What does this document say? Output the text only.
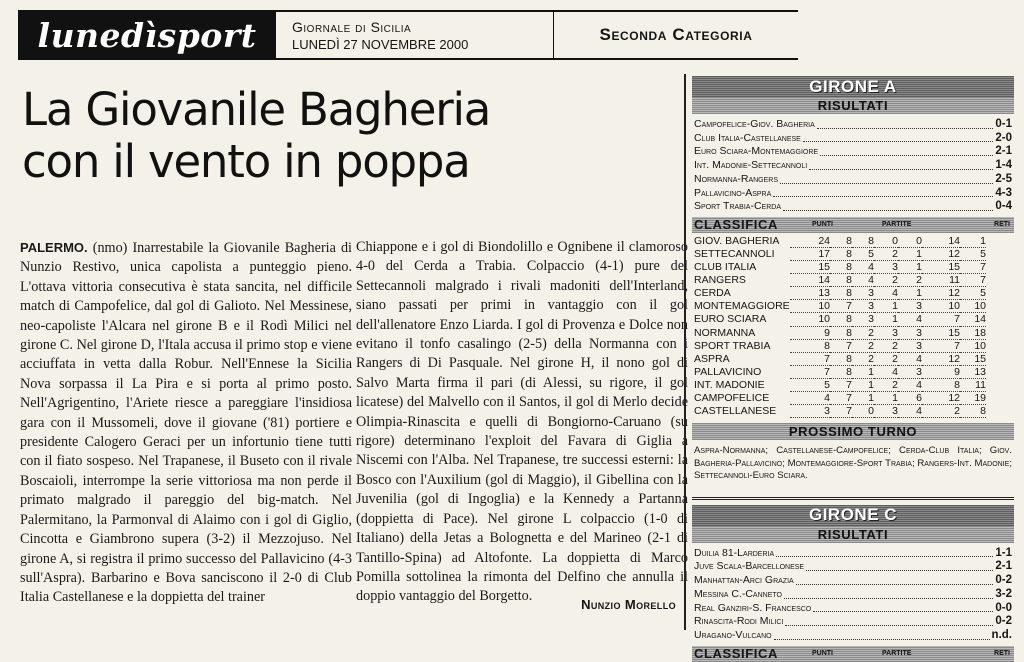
lunedìsport	Giornale di Sicilia
LUNEDÌ 27 NOVEMBRE 2000
Seconda Categoria
La Giovanile Bagheria
con il vento in poppa
PALERMO. (nmo) Inarrestabile la Giovanile Bagheria di Nunzio Restivo, unica capolista a punteggio pieno. L'ottava vittoria consecutiva è stata sancita, nel difficile match di Campofelice, dal gol di Galioto. Nel Messinese, neo-capoliste l'Alcara nel girone B e il Rodì Milici nel girone C. Nel girone D, l'Itala accusa il primo stop e viene acciuffata in vetta dalla Robur. Nell'Ennese la Sicilia Nova sorpassa il La Pira e si porta al primo posto. Nell'Agrigentino, l'Ariete riesce a pareggiare l'insidiosa gara con il Mussomeli, dove il giovane ('81) portiere e presidente Calogero Geraci per un infortunio tiene tutti con il fiato sospeso. Nel Trapanese, il Buseto con il rivale Boscaioli, interrompe la serie vittoriosa ma non perde il primato malgrado il pareggio del big-match. Nel Palermitano, la Parmonval di Alaimo con i gol di Giglio, Cincotta e Giambrono supera (3-2) il Mezzojuso. Nel girone A, si registra il primo successo del Pallavicino (4-3 sull'Aspra). Barbarino e Bova sanciscono il 2-0 di Club Italia Castellanese e la doppietta del trainer
Chiappone e i gol di Biondolillo e Ognibene il clamoroso 4-0 del Cerda a Trabia. Colpaccio (4-1) pure del Settecannoli malgrado i rivali madoniti dell'Interland, siano passati per primi in vantaggio con il gol dell'allenatore Enzo Liarda. I gol di Provenza e Dolce non evitano il tonfo casalingo (2-5) della Normanna con i Rangers di Di Pasquale. Nel girone H, il nono gol di Salvo Marta firma il pari (di Alessi, su rigore, il gol licatese) del Malvello con il Santos, il gol di Merlo decide Olimpia-Rinascita e quelli di Bongiorno-Caruano (su rigore) determinano l'exploit del Favara di Giglia a Niscemi con l'Alba. Nel Trapanese, tre successi esterni: la Bosco con l'Auxilium (gol di Maggio), il Gibellina con la Juvenilia (gol di Ingoglia) e la Kennedy a Partanna (doppietta di Pace). Nel girone L colpaccio (1-0 di Italiano) della Jetas a Bolognetta e del Marineo (2-1 di Tantillo-Spina) ad Altofonte. La doppietta di Marco Pomilla sottolinea la rimonta del Delfino che annulla il doppio vantaggio del Borgetto.
Nunzio Morello
GIRONE A
RISULTATI
Campofelice-Giov. Bagheria	0-1
Club Italia-Castellanese	2-0
Euro Sciara-Montemaggiore	2-1
Int. Madonie-Settecannoli	1-4
Normanna-Rangers	2-5
Pallavicino-Aspra	4-3
Sport Trabia-Cerda	0-4
CLASSIFICA	PUNTI	PARTITE	RETI
GIOV. BAGHERIA	24	8	8	0	0	14	1
SETTECANNOLI	17	8	5	2	1	12	5
CLUB ITALIA	15	8	4	3	1	15	7
RANGERS	14	8	4	2	2	11	7
CERDA	13	8	3	4	1	12	5
MONTEMAGGIORE	10	7	3	1	3	10	10
EURO SCIARA	10	8	3	1	4	7	14
NORMANNA	9	8	2	3	3	15	18
SPORT TRABIA	8	7	2	2	3	7	10
ASPRA	7	8	2	2	4	12	15
PALLAVICINO	7	8	1	4	3	9	13
INT. MADONIE	5	7	1	2	4	8	11
CAMPOFELICE	4	7	1	1	6	12	19
CASTELLANESE	3	7	0	3	4	2	8
PROSSIMO TURNO
Aspra-Normanna; Castellanese-Campofelice; Cerda-Club Italia; Giov. Bagheria-Pallavicino; Montemaggiore-Sport Trabia; Rangers-Int. Madonie; Settecannoli-Euro Sciara.
GIRONE C
RISULTATI
Duilia 81-Larderia	1-1
Juve Scala-Barcellonese	2-1
Manhattan-Arci Grazia	0-2
Messina C.-Canneto	3-2
Real Ganziri-S. Francesco	0-0
Rinascita-Rodi Milici	0-2
Uragano-Vulcano	n.d.
CLASSIFICA	PUNTI	PARTITE	RETI
